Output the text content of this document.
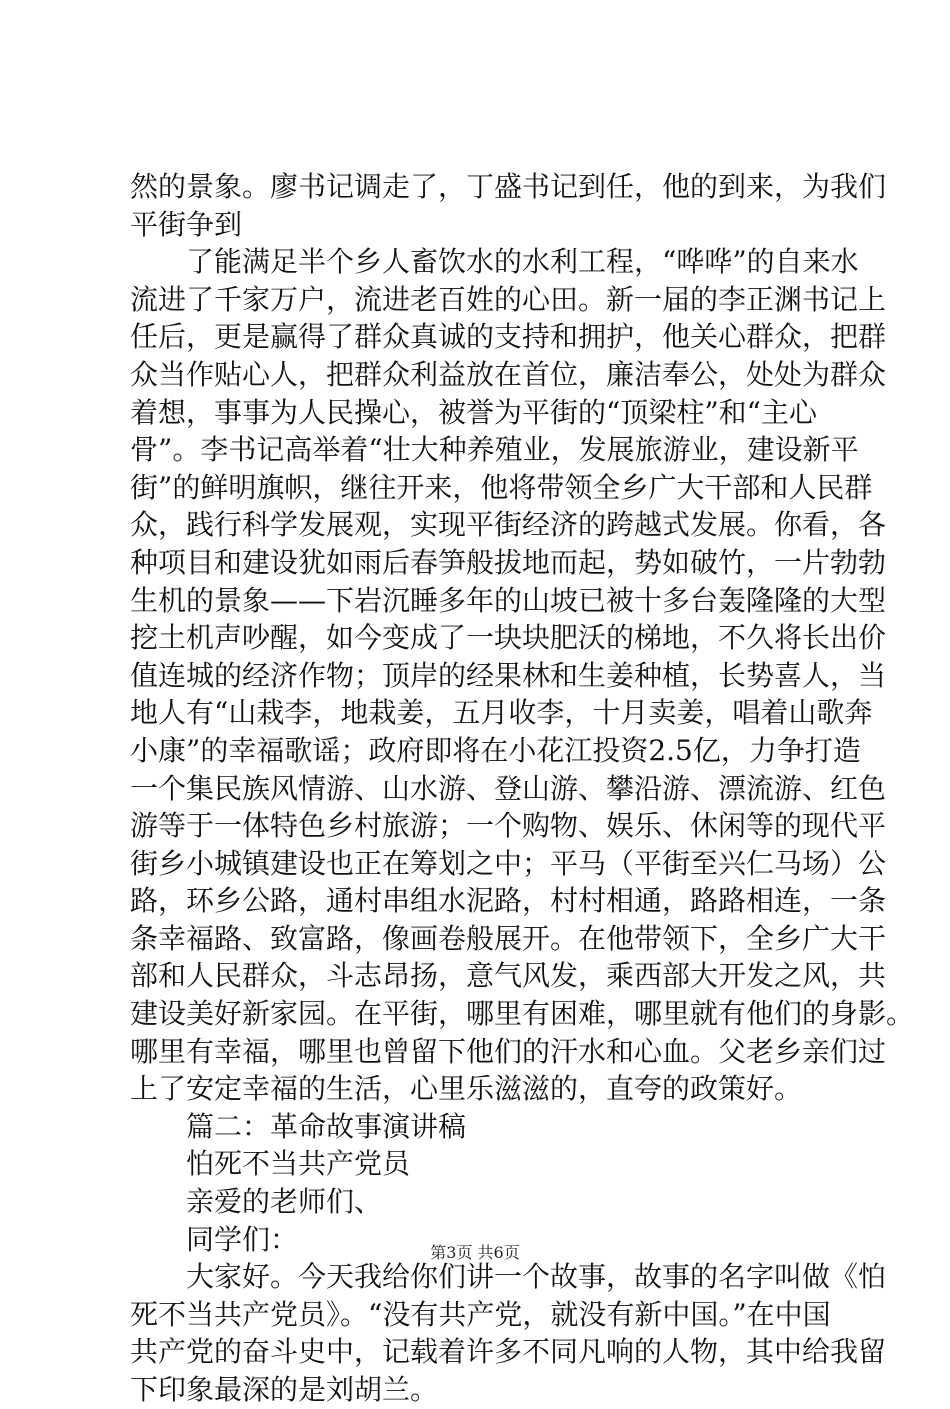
然的景象。廖书记调走了，丁盛书记到任，他的到来，为我们
平街争到
　　了能满足半个乡人畜饮水的水利工程，“哗哗”的自来水
流进了千家万户，流进老百姓的心田。新一届的李正渊书记上
任后，更是赢得了群众真诚的支持和拥护，他关心群众，把群
众当作贴心人，把群众利益放在首位，廉洁奉公，处处为群众
着想，事事为人民操心，被誉为平街的“顶梁柱”和“主心
骨”。李书记高举着“壮大种养殖业，发展旅游业，建设新平
街”的鲜明旗帜，继往开来，他将带领全乡广大干部和人民群
众，践行科学发展观，实现平街经济的跨越式发展。你看，各
种项目和建设犹如雨后春笋般拔地而起，势如破竹，一片勃勃
生机的景象——下岩沉睡多年的山坡已被十多台轰隆隆的大型
挖土机声吵醒，如今变成了一块块肥沃的梯地，不久将长出价
值连城的经济作物；顶岸的经果林和生姜种植，长势喜人，当
地人有“山栽李，地栽姜，五月收李，十月卖姜，唱着山歌奔
小康”的幸福歌谣；政府即将在小花江投资2.5亿，力争打造
一个集民族风情游、山水游、登山游、攀沿游、漂流游、红色
游等于一体特色乡村旅游；一个购物、娱乐、休闲等的现代平
街乡小城镇建设也正在筹划之中；平马（平街至兴仁马场）公
路，环乡公路，通村串组水泥路，村村相通，路路相连，一条
条幸福路、致富路，像画卷般展开。在他带领下，全乡广大干
部和人民群众，斗志昂扬，意气风发，乘西部大开发之风，共
建设美好新家园。在平街，哪里有困难，哪里就有他们的身影。
哪里有幸福，哪里也曾留下他们的汗水和心血。父老乡亲们过
上了安定幸福的生活，心里乐滋滋的，直夸的政策好。
　　篇二：革命故事演讲稿
　　怕死不当共产党员
　　亲爱的老师们、
　　同学们：
　　大家好。今天我给你们讲一个故事，故事的名字叫做《怕
死不当共产党员》。“没有共产党，就没有新中国。”在中国
共产党的奋斗史中，记载着许多不同凡响的人物，其中给我留
下印象最深的是刘胡兰。
第3页 共6页
